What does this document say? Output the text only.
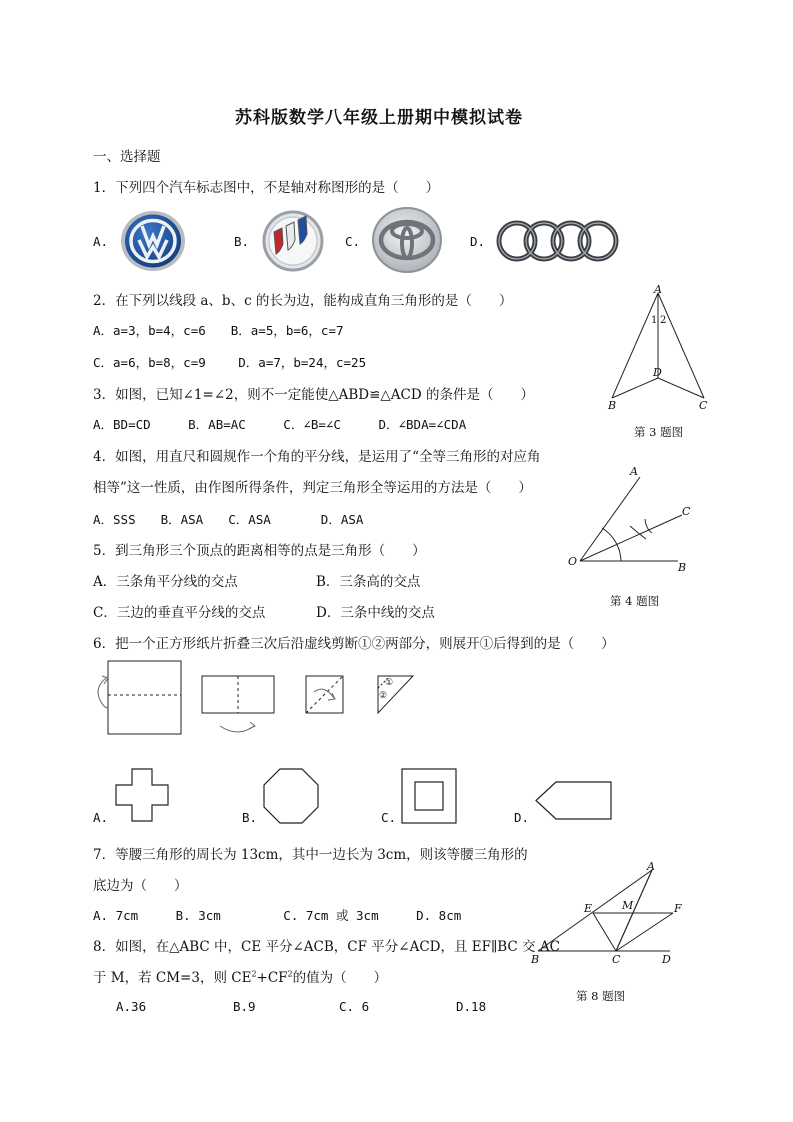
苏科版数学八年级上册期中模拟试卷
一、选择题
1．下列四个汽车标志图中，不是轴对称图形的是（　　）
A.	B.	C.	D.
2．在下列以线段 a、b、c 的长为边，能构成直角三角形的是（　　）
A．a=3，b=4，c=6　　B．a=5，b=6，c=7
C．a=6，b=8，c=9　　 D．a=7，b=24，c=25
3．如图，已知∠1=∠2，则不一定能使△ABD≌△ACD 的条件是（　　）
A．BD=CD　　　B．AB=AC　　　C．∠B=∠C　　　D．∠BDA=∠CDA
A
1 2
D
B	C
第 3 题图
4．如图，用直尺和圆规作一个角的平分线，是运用了“全等三角形的对应角
相等”这一性质，由作图所得条件，判定三角形全等运用的方法是（　　）
A．SSS　　B．ASA　　C．ASA　　　　D．ASA
A
C
O	B
第 4 题图
5．到三角形三个顶点的距离相等的点是三角形（　　）
A．三条角平分线的交点	B．三条高的交点
C．三边的垂直平分线的交点	D．三条中线的交点
6．把一个正方形纸片折叠三次后沿虚线剪断①②两部分，则展开①后得到的是（　　）
①
②
A.	B.	C.	D.
7．等腰三角形的周长为 13cm，其中一边长为 3cm，则该等腰三角形的
底边为（　　）
A. 7cm　　　B. 3cm　　　　　C. 7cm 或 3cm　　　D. 8cm
8．如图，在△ABC 中，CE 平分∠ACB，CF 平分∠ACD，且 EF∥BC 交 AC
于 M，若 CM=3，则 $CE^2+CF^2$的值为（　　）
A.36	B.9	C. 6	D.18
A
E	M	F
B	C	D
第 8 题图
